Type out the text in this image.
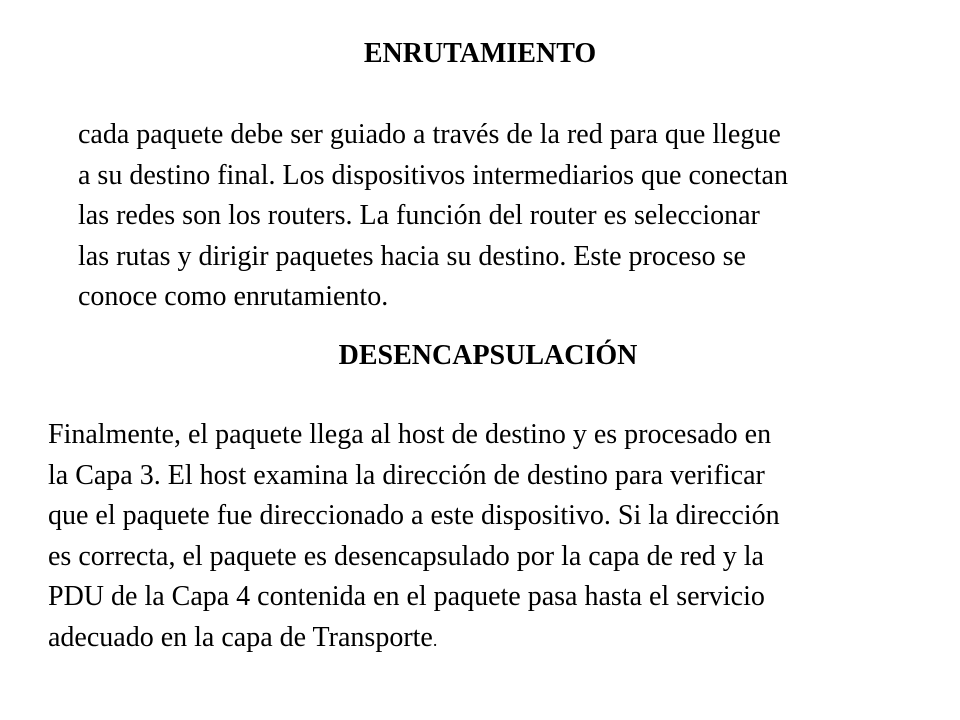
ENRUTAMIENTO

cada paquete debe ser guiado a través de la red para que llegue
a su destino final. Los dispositivos intermediarios que conectan
las redes son los routers. La función del router es seleccionar
las rutas y dirigir paquetes hacia su destino. Este proceso se
conoce como enrutamiento.

DESENCAPSULACIÓN

Finalmente, el paquete llega al host de destino y es procesado en
la Capa 3. El host examina la dirección de destino para verificar
que el paquete fue direccionado a este dispositivo. Si la dirección
es correcta, el paquete es desencapsulado por la capa de red y la
PDU de la Capa 4 contenida en el paquete pasa hasta el servicio
adecuado en la capa de Transporte.
